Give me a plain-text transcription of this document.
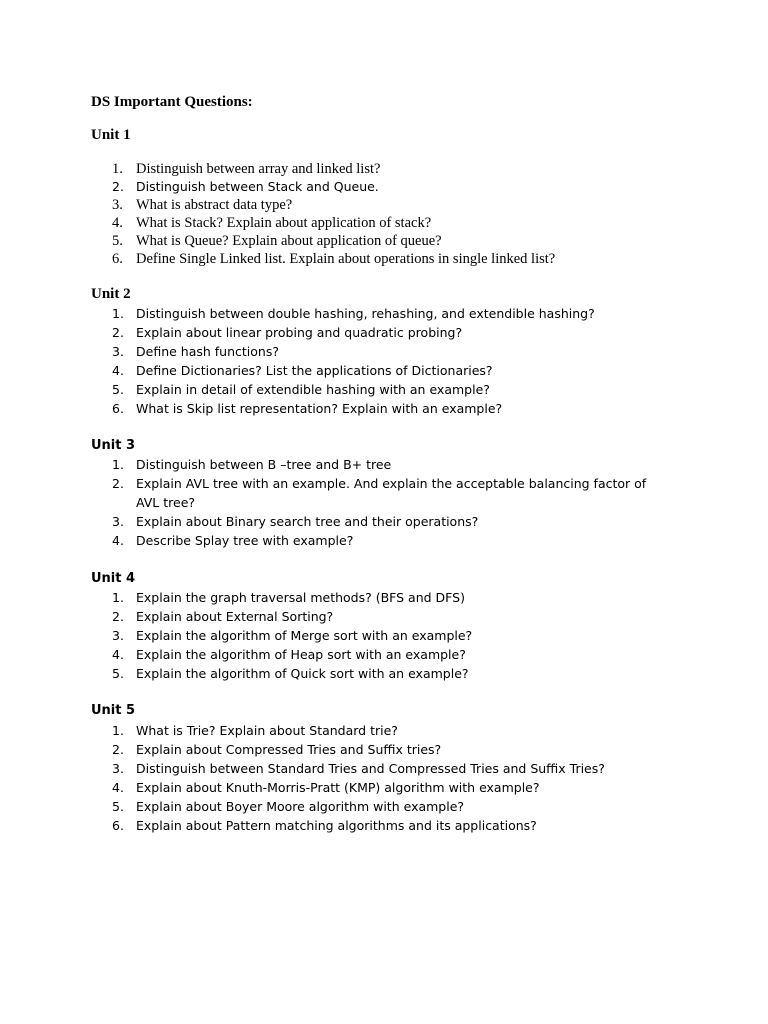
DS Important Questions:
Unit 1
1. Distinguish between array and linked list?
2. Distinguish between Stack and Queue.
3. What is abstract data type?
4. What is Stack? Explain about application of stack?
5. What is Queue? Explain about application of queue?
6. Define Single Linked list. Explain about operations in single linked list?
Unit 2
1. Distinguish between double hashing, rehashing, and extendible hashing?
2. Explain about linear probing and quadratic probing?
3. Define hash functions?
4. Define Dictionaries? List the applications of Dictionaries?
5. Explain in detail of extendible hashing with an example?
6. What is Skip list representation? Explain with an example?
Unit 3
1. Distinguish between B –tree and B+ tree
2. Explain AVL tree with an example. And explain the acceptable balancing factor of AVL tree?
3. Explain about Binary search tree and their operations?
4. Describe Splay tree with example?
Unit 4
1. Explain the graph traversal methods? (BFS and DFS)
2. Explain about External Sorting?
3. Explain the algorithm of Merge sort with an example?
4. Explain the algorithm of Heap sort with an example?
5. Explain the algorithm of Quick sort with an example?
Unit 5
1. What is Trie? Explain about Standard trie?
2. Explain about Compressed Tries and Suffix tries?
3. Distinguish between Standard Tries and Compressed Tries and Suffix Tries?
4. Explain about Knuth-Morris-Pratt (KMP) algorithm with example?
5. Explain about Boyer Moore algorithm with example?
6. Explain about Pattern matching algorithms and its applications?
